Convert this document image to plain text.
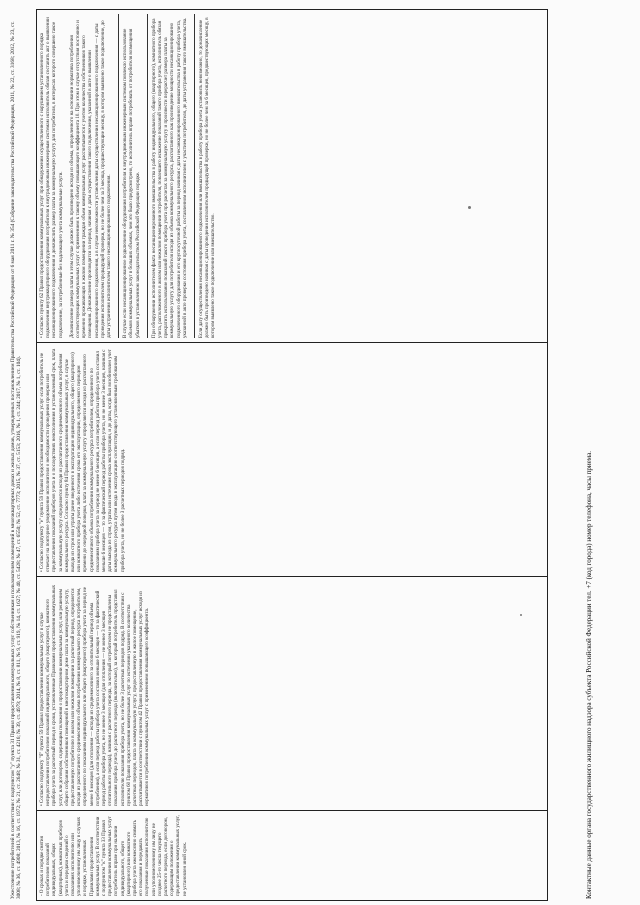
Ужесточение потребителей в соответствии с подпунктом "у" пункта 31 Правил предоставления коммунальных услуг собственникам и пользователям помещений в многоквартирных домах и жилых домов, утвержденных постановлением Правительства Российской Федерации от 6 мая 2011 г. № 354 (Собрание законодательства Российской Федерации, 2011, № 22, ст. 3168; 2012, № 23, ст. 3008; № 36, ст. 4908; 2013, № 16, ст. 1972; № 21, ст. 2648; № 31, ст. 4216; № 39, ст. 4979; 2014, № 8, ст. 811, № 9, ст. 919, № 14, ст. 1627; № 40, ст. 5428; № 47, ст. 6550; № 52, ст. 7773; 2015, № 37, ст. 5153; 2016, № 1, ст. 244; 2017, № 1, ст. 104).	- О сроках и порядке снятия потребителем показаний индивидуальных, общих (квартирных), комнатных приборов учета и передачи сведений о показаниях исполнителю или уполномоченному им лицу в случаях и порядке, установленных Правилами предоставления коммунальных услуг. В соответствии с подпунктом "к" пункта 33 Правил предоставления коммунальных услуг потребитель вправе при наличии индивидуального, общего (квартирного) или комнатного прибора учета ежемесячно снимать его показания и передавать полученные показания исполнителю или уполномоченному им лицу не позднее 25-го числа текущего расчетного периода, если договором, содержащим положения о предоставлении коммунальных услуг, не установлен иной срок.

• Согласно подпункту "б" пункта 59 Правил предоставления коммунальных услуг в случае непредоставления потребителем показаний индивидуального, общего (квартирного), комнатного прибора учета за расчетный период в сроки, установленные Правилами предоставления коммунальных услуг, или договором, содержащим положения о предоставлении коммунальных услуг, или решением общего собрания собственников помещений в многоквартирном доме плата за коммунальную услугу, предоставленную потребителю в жилом или нежилом помещении за расчетный период, определяется исходя из рассчитанного среднемесячного объема потребления коммунального ресурса потребителем, определенного по показаниям индивидуального или общего (квартирного) прибора учета за период не менее 6 месяцев (для отопления — исходя из среднемесячного за отопительный период объема потребления), а если период работы прибора учета составил меньше 6 месяцев — то за фактический период работы прибора учета, но не менее 3 месяцев (для отопления — не менее 3 месяцев отопительного периода), начиная с расчетного периода, за который потребителем не представлены показания прибора учета до расчетного периода (включительно), за который потребитель представил исполнителю показания прибора учета, но не более 3 расчетных периодов подряд. В соответствии с пунктом 60 Правил предоставления коммунальных услуг по истечении указанного количества расчетных периодов, плата за коммунальную услугу, предоставленную в жилое помещение, рассчитывается в соответствии с пунктом 42 Правил предоставления коммунальных услуг исходя из нормативов потребления коммунальных услуг с применением повышающего коэффициента.

• Согласно подпункту "е" пункта 59 Правил предоставления коммунальных услуг если потребитель не отвечает на повторное уведомление исполнителя о необходимости проведения проверки или предоставления показаний приборов учета и о последствиях неисполнения в установленный срок, плата за коммунальную услугу определяется исходя из рассчитанного среднемесячного объема потребления коммунального ресурса. Согласно пункту 84 Правил предоставления коммунальных услуг, в случае выхода из строя или утраты ранее введенного в эксплуатацию индивидуального, общего (квартирного) или комнатного прибора учета либо истечения срока его эксплуатации, определяемого периодом времени до очередной поверки, плата за коммунальную услугу определяется исходя из рассчитанного среднемесячного объема потребления коммунального ресурса потребителем, определенного по показаниям прибора учета за период не менее 6 месяцев, а если период работы прибора учета составил меньше 6 месяцев — то за фактический период работы прибора учета, но не менее 3 месяцев, начиная с даты выхода из строя, утраты или истечения срока эксплуатации, и до даты, когда был возобновлен учет коммунального ресурса путем ввода в эксплуатацию соответствующего установленным требованиям прибора учета, но не более 3 расчетных периодов подряд.

• Согласно пункту 62 Правил предоставления коммунальных услуг при обнаружении осуществленного с нарушением установленного порядка подключения внутриквартирного оборудования потребителя к внутридомовым инженерным системам исполнитель обязан составить акт о выявлении несанкционированного подключения и доначислить размер платы за коммунальную услугу для потребителя, в интересах которого совершено такое подключение, за потребленные без надлежащего учета коммунальные услуги. Доначисление размера платы в этом случае должно быть произведено исходя из объема, определенного на основании норматива потребления соответствующих коммунальных услуг с применением к такому объему повышающего коэффициента 10. При этом в случае отсутствия постоянно и временно проживающих в жилом помещении граждан объем коммунальных услуг рассчитывается с учетом количества собственников такого помещения. Доначисление производится за период, начиная с даты осуществления такого подключения, указанной в акте о выявлении несанкционированного подключения, а в случае невозможности установления даты осуществления несанкционированного подключения — с даты проведения исполнителем предыдущей проверки, но не более чем за 3 месяца, предшествующие месяцу, в котором выявлено такое подключение, до даты устранения исполнителем такого несанкционированного подключения. В случае если несанкционированное подключение оборудования потребителя к внутридомовым инженерным системам повлекло использование объемов коммунальных услуг в больших объемах, чем это было предусмотрено, то исполнитель вправе потребовать от потребителя возмещения убытков в установленном законодательством Российской Федерации порядке. При обнаружении исполнителем факта несанкционированного вмешательства в работу индивидуального, общего (квартирного), комнатного прибора учета, расположенного в жилом или нежилом помещении потребителя, повлекшего искажение показаний такого прибора учета, исполнитель обязан прекратить использование показаний такого прибора учета при расчетах за коммунальную услугу и произвести перерасчет размера платы за коммунальную услугу для потребителя исходя из объема коммунального ресурса, рассчитанного как произведение мощности несанкционированно подключенного оборудования и его круглосуточной работы за период начиная с даты несанкционированного вмешательства в работу прибора учета, указанной в акте проверки состояния прибора учета, составленном исполнителем с участием потребителя, до даты устранения такого вмешательства. Если дату осуществления несанкционированного подключения или вмешательства в работу прибора учета установить невозможно, то доначисление должно быть произведено начиная с даты проведения исполнителем предыдущей проверки, но не более чем за 6 месяцев, предшествующих месяцу, в котором выявлено такое подключение или вмешательство.

Контактные данные органа государственного жилищного надзора субъекта Российской Федерации тел. +7 (код города) номер телефона, часы приема.
